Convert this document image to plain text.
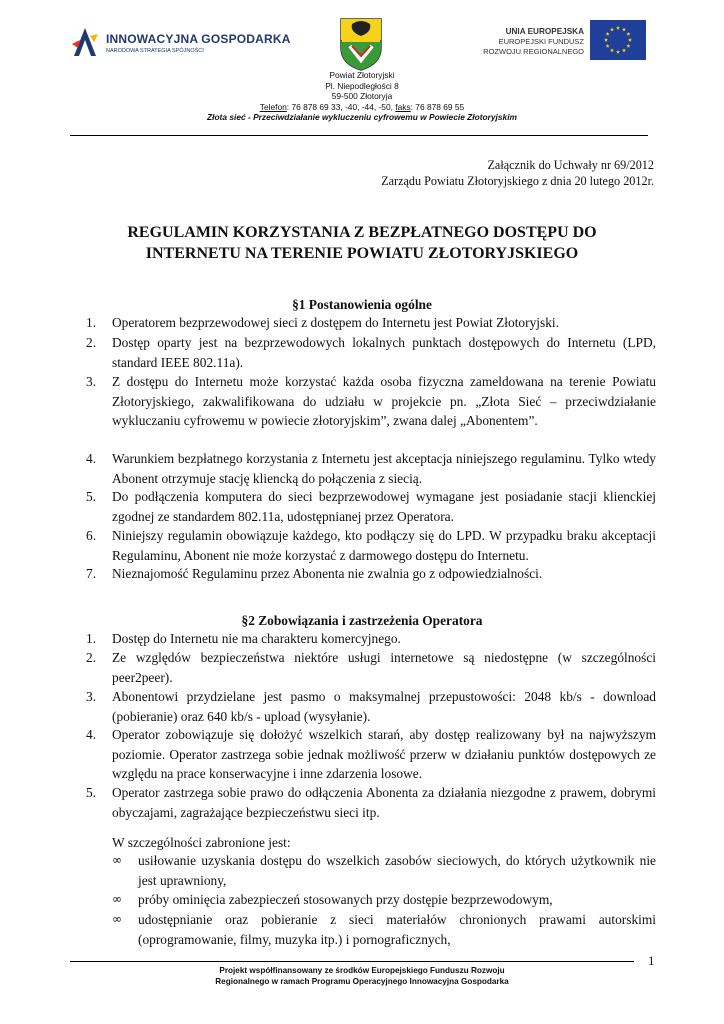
INNOWACYJNA GOSPODARKA
NARODOWA STRATEGIA SPÓJNOŚCI
UNIA EUROPEJSKA
EUROPEJSKI FUNDUSZ
ROZWOJU REGIONALNEGO
Powiat Złotoryjski
Pl. Niepodległości 8
59-500 Złotoryja
Telefon: 76 878 69 33, -40, -44, -50, faks: 76 878 69 55
Złota sieć - Przeciwdziałanie wykluczeniu cyfrowemu w Powiecie Złotoryjskim
Załącznik do Uchwały nr 69/2012
Zarządu Powiatu Złotoryjskiego z dnia 20 lutego 2012r.
REGULAMIN KORZYSTANIA Z BEZPŁATNEGO DOSTĘPU DO
INTERNETU NA TERENIE POWIATU ZŁOTORYJSKIEGO
§1 Postanowienia ogólne
1.	Operatorem bezprzewodowej sieci z dostępem do Internetu jest Powiat Złotoryjski.
2.	Dostęp oparty jest na bezprzewodowych lokalnych punktach dostępowych do Internetu (LPD, standard IEEE 802.11a).
3.	Z dostępu do Internetu może korzystać każda osoba fizyczna zameldowana na terenie Powiatu Złotoryjskiego, zakwalifikowana do udziału w projekcie pn. „Złota Sieć – przeciwdziałanie wykluczaniu cyfrowemu w powiecie złotoryjskim”, zwana dalej „Abonentem”.
4.	Warunkiem bezpłatnego korzystania z Internetu jest akceptacja niniejszego regulaminu. Tylko wtedy Abonent otrzymuje stację kliencką do połączenia z siecią.
5.	Do podłączenia komputera do sieci bezprzewodowej wymagane jest posiadanie stacji klienckiej zgodnej ze standardem 802.11a, udostępnianej przez Operatora.
6.	Niniejszy regulamin obowiązuje każdego, kto podłączy się do LPD. W przypadku braku akceptacji Regulaminu, Abonent nie może korzystać z darmowego dostępu do Internetu.
7.	Nieznajomość Regulaminu przez Abonenta nie zwalnia go z odpowiedzialności.
§2 Zobowiązania i zastrzeżenia Operatora
1.	Dostęp do Internetu nie ma charakteru komercyjnego.
2.	Ze względów bezpieczeństwa niektóre usługi internetowe są niedostępne (w szczególności peer2peer).
3.	Abonentowi przydzielane jest pasmo o maksymalnej przepustowości: 2048 kb/s - download (pobieranie) oraz 640 kb/s - upload (wysyłanie).
4.	Operator zobowiązuje się dołożyć wszelkich starań, aby dostęp realizowany był na najwyższym poziomie. Operator zastrzega sobie jednak możliwość przerw w działaniu punktów dostępowych ze względu na prace konserwacyjne i inne zdarzenia losowe.
5.	Operator zastrzega sobie prawo do odłączenia Abonenta za działania niezgodne z prawem, dobrymi obyczajami, zagrażające bezpieczeństwu sieci itp.
W szczególności zabronione jest:
∞	usiłowanie uzyskania dostępu do wszelkich zasobów sieciowych, do których użytkownik nie jest uprawniony,
∞	próby ominięcia zabezpieczeń stosowanych przy dostępie bezprzewodowym,
∞	udostępnianie oraz pobieranie z sieci materiałów chronionych prawami autorskimi (oprogramowanie, filmy, muzyka itp.) i pornograficznych,
1
Projekt współfinansowany ze środków Europejskiego Funduszu Rozwoju
Regionalnego w ramach Programu Operacyjnego Innowacyjna Gospodarka
